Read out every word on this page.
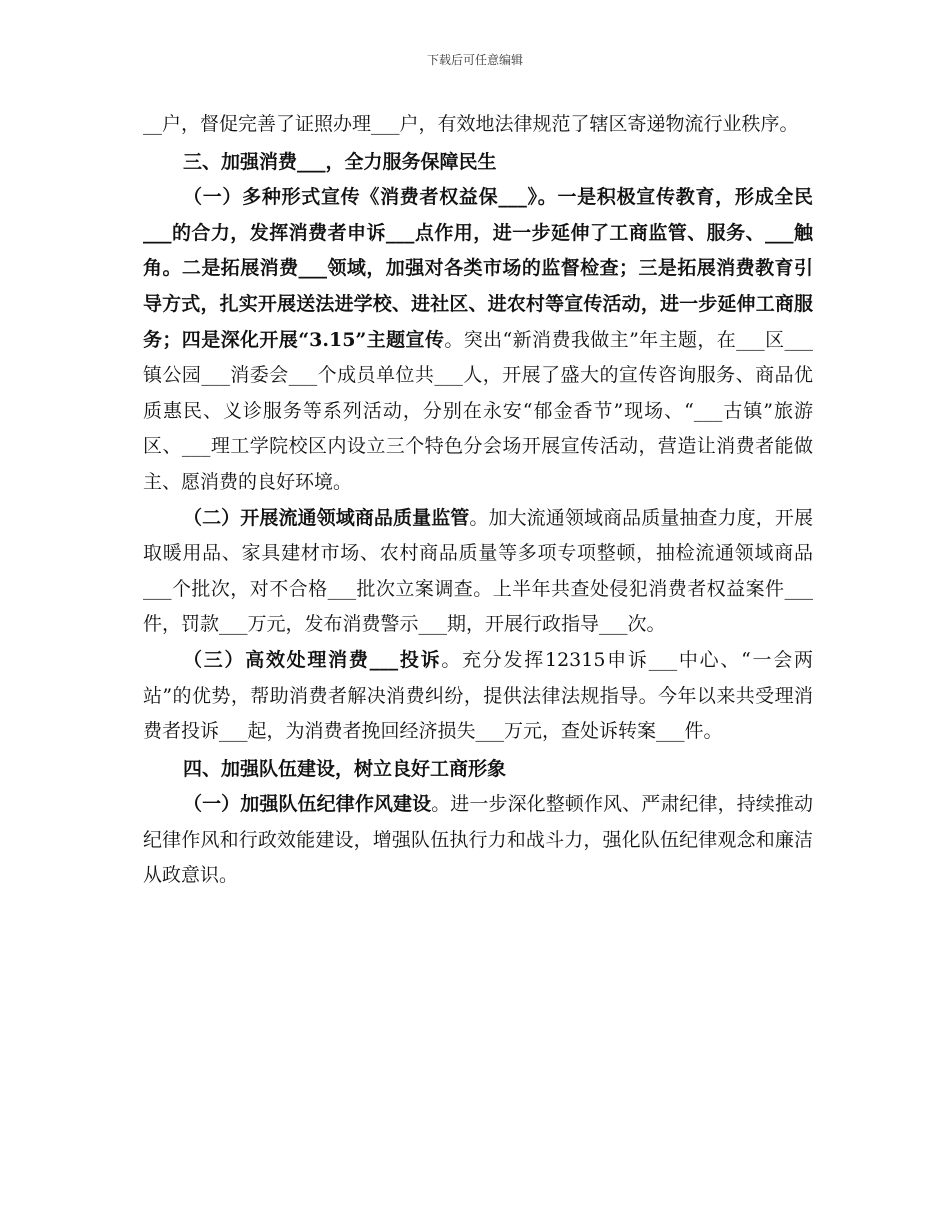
下载后可任意编辑

__户，督促完善了证照办理___户，有效地法律规范了辖区寄递物流行业秩序。

三、加强消费___，全力服务保障民生

（一）多种形式宣传《消费者权益保___》。一是积极宣传教育，形成全民___的合力，发挥消费者申诉___点作用，进一步延伸了工商监管、服务、___触角。二是拓展消费___领域，加强对各类市场的监督检查；三是拓展消费教育引导方式，扎实开展送法进学校、进社区、进农村等宣传活动，进一步延伸工商服务；四是深化开展“3.15”主题宣传。突出“新消费我做主”年主题，在___区___镇公园___消委会___个成员单位共___人，开展了盛大的宣传咨询服务、商品优质惠民、义诊服务等系列活动，分别在永安“郁金香节”现场、“___古镇”旅游区、___理工学院校区内设立三个特色分会场开展宣传活动，营造让消费者能做主、愿消费的良好环境。

（二）开展流通领域商品质量监管。加大流通领域商品质量抽查力度，开展取暖用品、家具建材市场、农村商品质量等多项专项整顿，抽检流通领域商品___个批次，对不合格___批次立案调查。上半年共查处侵犯消费者权益案件___件，罚款___万元，发布消费警示___期，开展行政指导___次。

（三）高效处理消费___投诉。充分发挥12315申诉___中心、“一会两站”的优势，帮助消费者解决消费纠纷，提供法律法规指导。今年以来共受理消费者投诉___起，为消费者挽回经济损失___万元，查处诉转案___件。

四、加强队伍建设，树立良好工商形象

（一）加强队伍纪律作风建设。进一步深化整顿作风、严肃纪律，持续推动纪律作风和行政效能建设，增强队伍执行力和战斗力，强化队伍纪律观念和廉洁从政意识。
